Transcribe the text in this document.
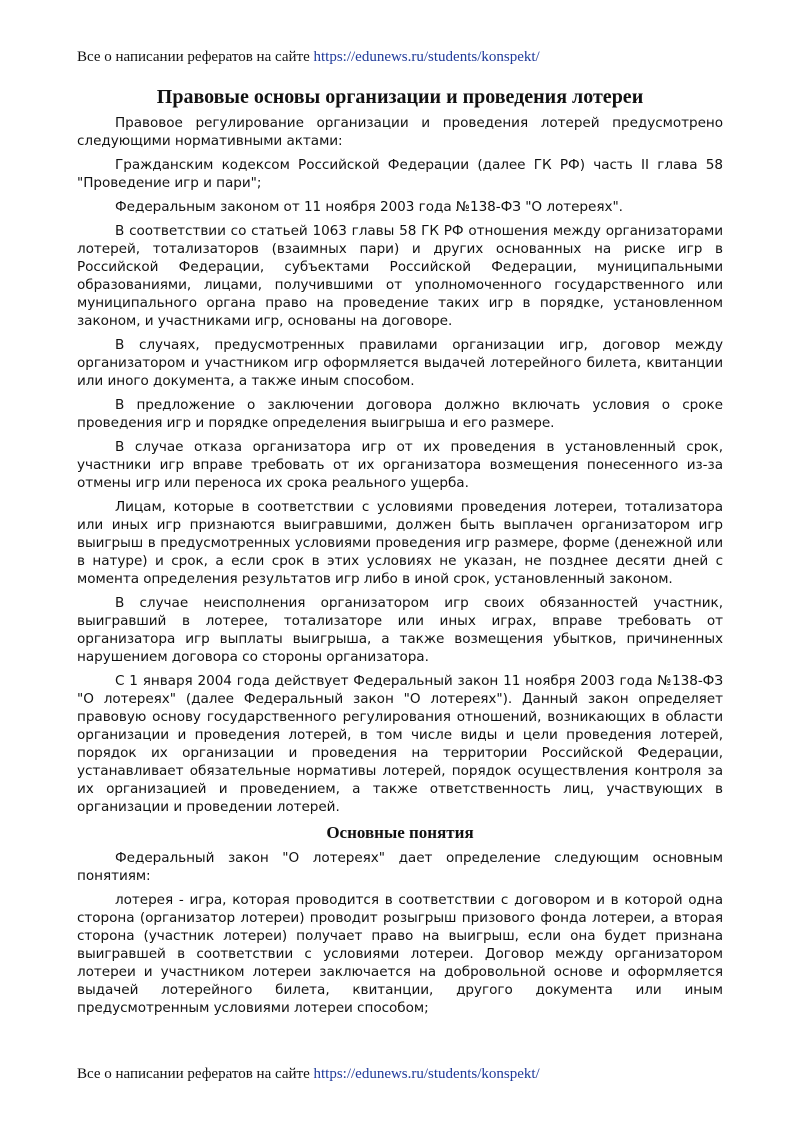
Все о написании рефератов на сайте https://edunews.ru/students/konspekt/
Правовые основы организации и проведения лотереи

Правовое регулирование организации и проведения лотерей предусмотрено следующими нормативными актами:

Гражданским кодексом Российской Федерации (далее ГК РФ) часть II глава 58 "Проведение игр и пари";

Федеральным законом от 11 ноября 2003 года №138-ФЗ "О лотереях".

В соответствии со статьей 1063 главы 58 ГК РФ отношения между организаторами лотерей, тотализаторов (взаимных пари) и других основанных на риске игр в Российской Федерации, субъектами Российской Федерации, муниципальными образованиями, лицами, получившими от уполномоченного государственного или муниципального органа право на проведение таких игр в порядке, установленном законом, и участниками игр, основаны на договоре.

В случаях, предусмотренных правилами организации игр, договор между организатором и участником игр оформляется выдачей лотерейного билета, квитанции или иного документа, а также иным способом.

В предложение о заключении договора должно включать условия о сроке проведения игр и порядке определения выигрыша и его размере.

В случае отказа организатора игр от их проведения в установленный срок, участники игр вправе требовать от их организатора возмещения понесенного из-за отмены игр или переноса их срока реального ущерба.

Лицам, которые в соответствии с условиями проведения лотереи, тотализатора или иных игр признаются выигравшими, должен быть выплачен организатором игр выигрыш в предусмотренных условиями проведения игр размере, форме (денежной или в натуре) и срок, а если срок в этих условиях не указан, не позднее десяти дней с момента определения результатов игр либо в иной срок, установленный законом.

В случае неисполнения организатором игр своих обязанностей участник, выигравший в лотерее, тотализаторе или иных играх, вправе требовать от организатора игр выплаты выигрыша, а также возмещения убытков, причиненных нарушением договора со стороны организатора.

С 1 января 2004 года действует Федеральный закон 11 ноября 2003 года №138-ФЗ "О лотереях" (далее Федеральный закон "О лотереях"). Данный закон определяет правовую основу государственного регулирования отношений, возникающих в области организации и проведения лотерей, в том числе виды и цели проведения лотерей, порядок их организации и проведения на территории Российской Федерации, устанавливает обязательные нормативы лотерей, порядок осуществления контроля за их организацией и проведением, а также ответственность лиц, участвующих в организации и проведении лотерей.

Основные понятия

Федеральный закон "О лотереях" дает определение следующим основным понятиям:

лотерея - игра, которая проводится в соответствии с договором и в которой одна сторона (организатор лотереи) проводит розыгрыш призового фонда лотереи, а вторая сторона (участник лотереи) получает право на выигрыш, если она будет признана выигравшей в соответствии с условиями лотереи. Договор между организатором лотереи и участником лотереи заключается на добровольной основе и оформляется выдачей лотерейного билета, квитанции, другого документа или иным предусмотренным условиями лотереи способом;

Все о написании рефератов на сайте https://edunews.ru/students/konspekt/
